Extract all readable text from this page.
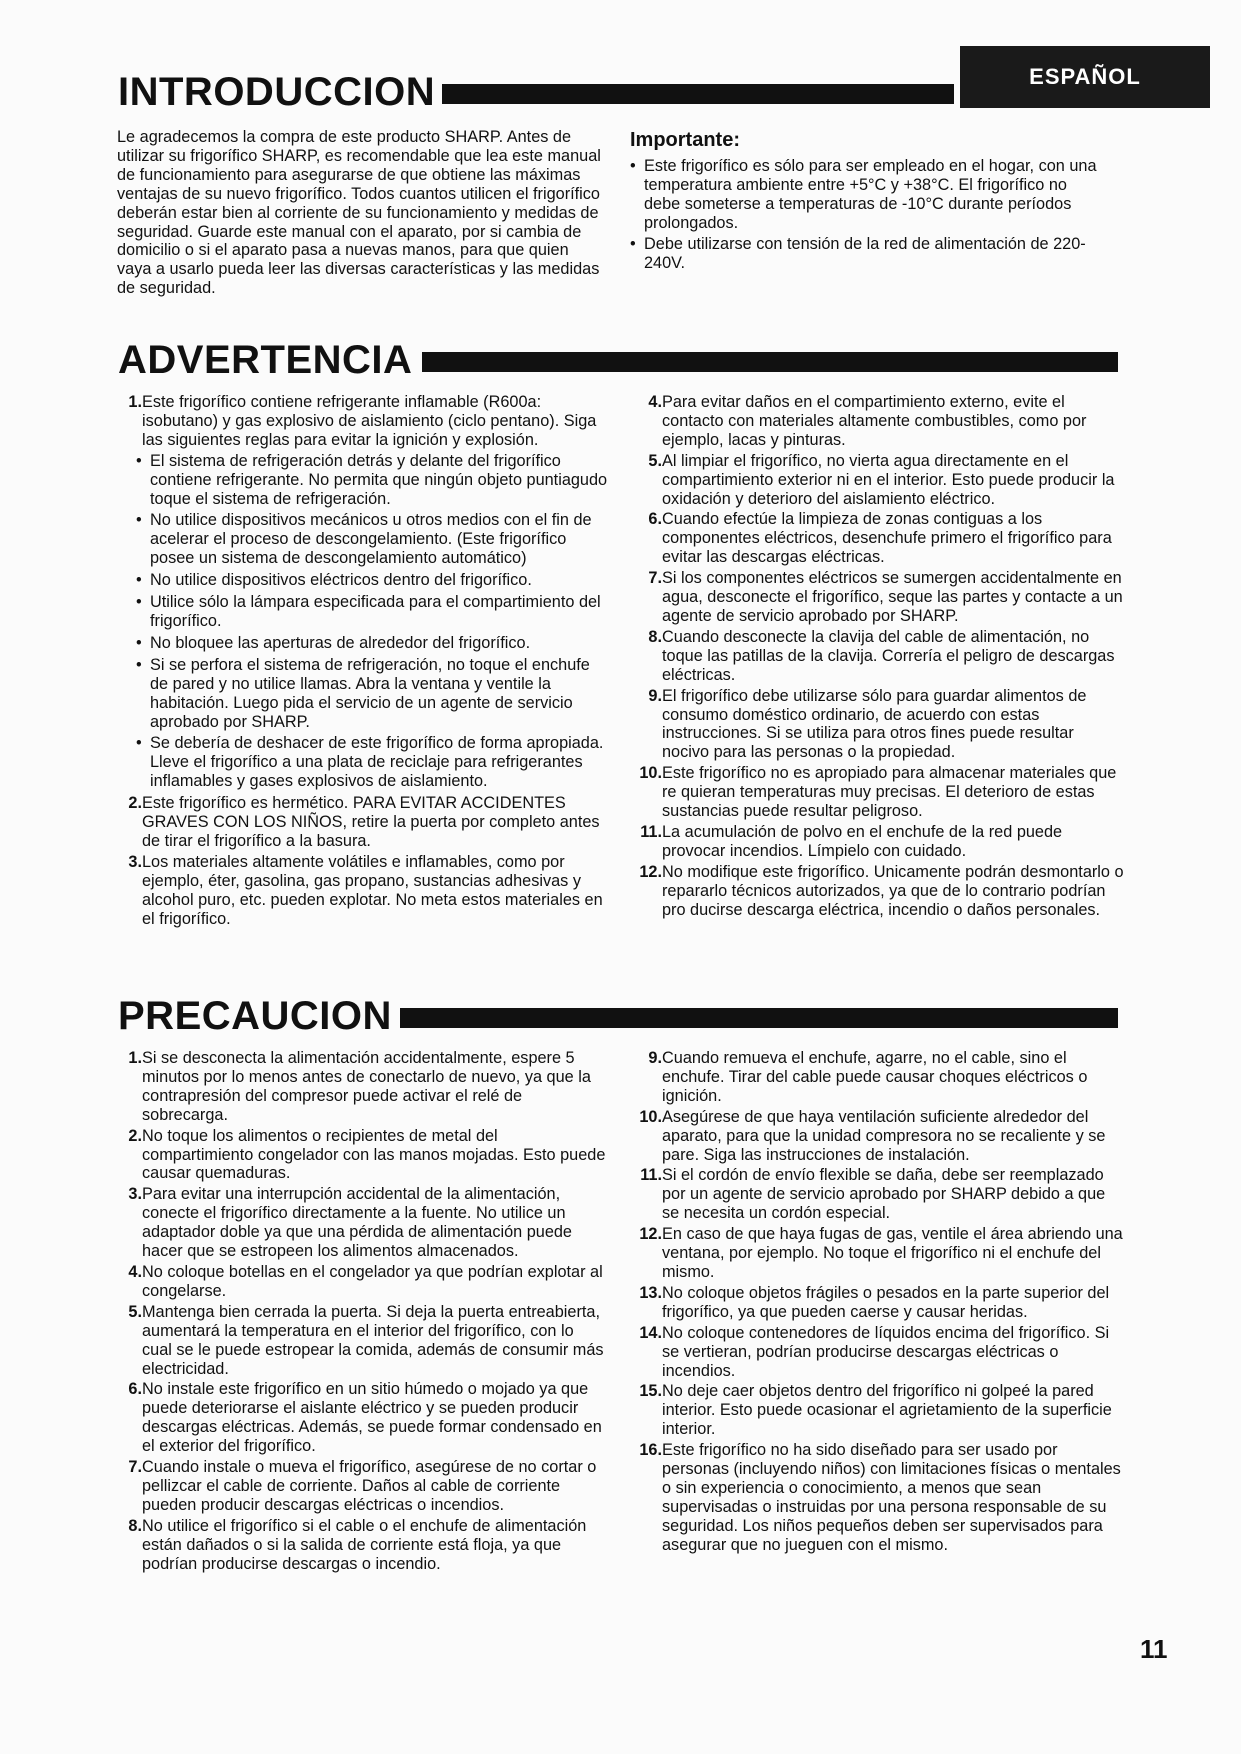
ESPAÑOL
INTRODUCCION

Le agradecemos la compra de este producto SHARP. Antes de utilizar su frigorífico SHARP, es recomendable que lea este manual de funcionamiento para asegurarse de que obtiene las máximas ventajas de su nuevo frigorífico. Todos cuantos utilicen el frigorífico deberán estar bien al corriente de su funcionamiento y medidas de seguridad. Guarde este manual con el aparato, por si cambia de domicilio o si el aparato pasa a nuevas manos, para que quien vaya a usarlo pueda leer las diversas características y las medidas de seguridad.

Importante:
• Este frigorífico es sólo para ser empleado en el hogar, con una temperatura ambiente entre +5°C y +38°C. El frigorífico no debe someterse a temperaturas de -10°C durante períodos prolongados.
• Debe utilizarse con tensión de la red de alimentación de 220- 240V.
ADVERTENCIA
1. Este frigorífico contiene refrigerante inflamable (R600a: isobutano) y gas explosivo de aislamiento (ciclo pentano). Siga las siguientes reglas para evitar la ignición y explosión.
• El sistema de refrigeración detrás y delante del frigorífico contiene refrigerante. No permita que ningún objeto puntiagudo toque el sistema de refrigeración.
• No utilice dispositivos mecánicos u otros medios con el fin de acelerar el proceso de descongelamiento. (Este frigorífico posee un sistema de descongelamiento automático)
• No utilice dispositivos eléctricos dentro del frigorífico.
• Utilice sólo la lámpara especificada para el compartimiento del frigorífico.
• No bloquee las aperturas de alrededor del frigorífico.
• Si se perfora el sistema de refrigeración, no toque el enchufe de pared y no utilice llamas. Abra la ventana y ventile la habitación. Luego pida el servicio de un agente de servicio aprobado por SHARP.
• Se debería de deshacer de este frigorífico de forma apropiada. Lleve el frigorífico a una plata de reciclaje para refrigerantes inflamables y gases explosivos de aislamiento.
2. Este frigorífico es hermético. PARA EVITAR ACCIDENTES GRAVES CON LOS NIÑOS, retire la puerta por completo antes de tirar el frigorífico a la basura.
3. Los materiales altamente volátiles e inflamables, como por ejemplo, éter, gasolina, gas propano, sustancias adhesivas y alcohol puro, etc. pueden explotar. No meta estos materiales en el frigorífico.
4. Para evitar daños en el compartimiento externo, evite el contacto con materiales altamente combustibles, como por ejemplo, lacas y pinturas.
5. Al limpiar el frigorífico, no vierta agua directamente en el compartimiento exterior ni en el interior. Esto puede producir la oxidación y deterioro del aislamiento eléctrico.
6. Cuando efectúe la limpieza de zonas contiguas a los componentes eléctricos, desenchufe primero el frigorífico para evitar las descargas eléctricas.
7. Si los componentes eléctricos se sumergen accidentalmente en agua, desconecte el frigorífico, seque las partes y contacte a un agente de servicio aprobado por SHARP.
8. Cuando desconecte la clavija del cable de alimentación, no toque las patillas de la clavija. Correría el peligro de descargas eléctricas.
9. El frigorífico debe utilizarse sólo para guardar alimentos de consumo doméstico ordinario, de acuerdo con estas instrucciones. Si se utiliza para otros fines puede resultar nocivo para las personas o la propiedad.
10. Este frigorífico no es apropiado para almacenar materiales que re quieran temperaturas muy precisas. El deterioro de estas sustancias puede resultar peligroso.
11. La acumulación de polvo en el enchufe de la red puede provocar incendios. Límpielo con cuidado.
12. No modifique este frigorífico. Unicamente podrán desmontarlo o repararlo técnicos autorizados, ya que de lo contrario podrían pro ducirse descarga eléctrica, incendio o daños personales.
PRECAUCION
1. Si se desconecta la alimentación accidentalmente, espere 5 minutos por lo menos antes de conectarlo de nuevo, ya que la contrapresión del compresor puede activar el relé de sobrecarga.
2. No toque los alimentos o recipientes de metal del compartimiento congelador con las manos mojadas. Esto puede causar quemaduras.
3. Para evitar una interrupción accidental de la alimentación, conecte el frigorífico directamente a la fuente. No utilice un adaptador doble ya que una pérdida de alimentación puede hacer que se estropeen los alimentos almacenados.
4. No coloque botellas en el congelador ya que podrían explotar al congelarse.
5. Mantenga bien cerrada la puerta. Si deja la puerta entreabierta, aumentará la temperatura en el interior del frigorífico, con lo cual se le puede estropear la comida, además de consumir más electricidad.
6. No instale este frigorífico en un sitio húmedo o mojado ya que puede deteriorarse el aislante eléctrico y se pueden producir descargas eléctricas. Además, se puede formar condensado en el exterior del frigorífico.
7. Cuando instale o mueva el frigorífico, asegúrese de no cortar o pellizcar el cable de corriente. Daños al cable de corriente pueden producir descargas eléctricas o incendios.
8. No utilice el frigorífico si el cable o el enchufe de alimentación están dañados o si la salida de corriente está floja, ya que podrían producirse descargas o incendio.
9. Cuando remueva el enchufe, agarre, no el cable, sino el enchufe. Tirar del cable puede causar choques eléctricos o ignición.
10. Asegúrese de que haya ventilación suficiente alrededor del aparato, para que la unidad compresora no se recaliente y se pare. Siga las instrucciones de instalación.
11. Si el cordón de envío flexible se daña, debe ser reemplazado por un agente de servicio aprobado por SHARP debido a que se necesita un cordón especial.
12. En caso de que haya fugas de gas, ventile el área abriendo una ventana, por ejemplo. No toque el frigorífico ni el enchufe del mismo.
13. No coloque objetos frágiles o pesados en la parte superior del frigorífico, ya que pueden caerse y causar heridas.
14. No coloque contenedores de líquidos encima del frigorífico. Si se vertieran, podrían producirse descargas eléctricas o incendios.
15. No deje caer objetos dentro del frigorífico ni golpeé la pared interior. Esto puede ocasionar el agrietamiento de la superficie interior.
16. Este frigorífico no ha sido diseñado para ser usado por personas (incluyendo niños) con limitaciones físicas o mentales o sin experiencia o conocimiento, a menos que sean supervisadas o instruidas por una persona responsable de su seguridad. Los niños pequeños deben ser supervisados para asegurar que no jueguen con el mismo.
11
